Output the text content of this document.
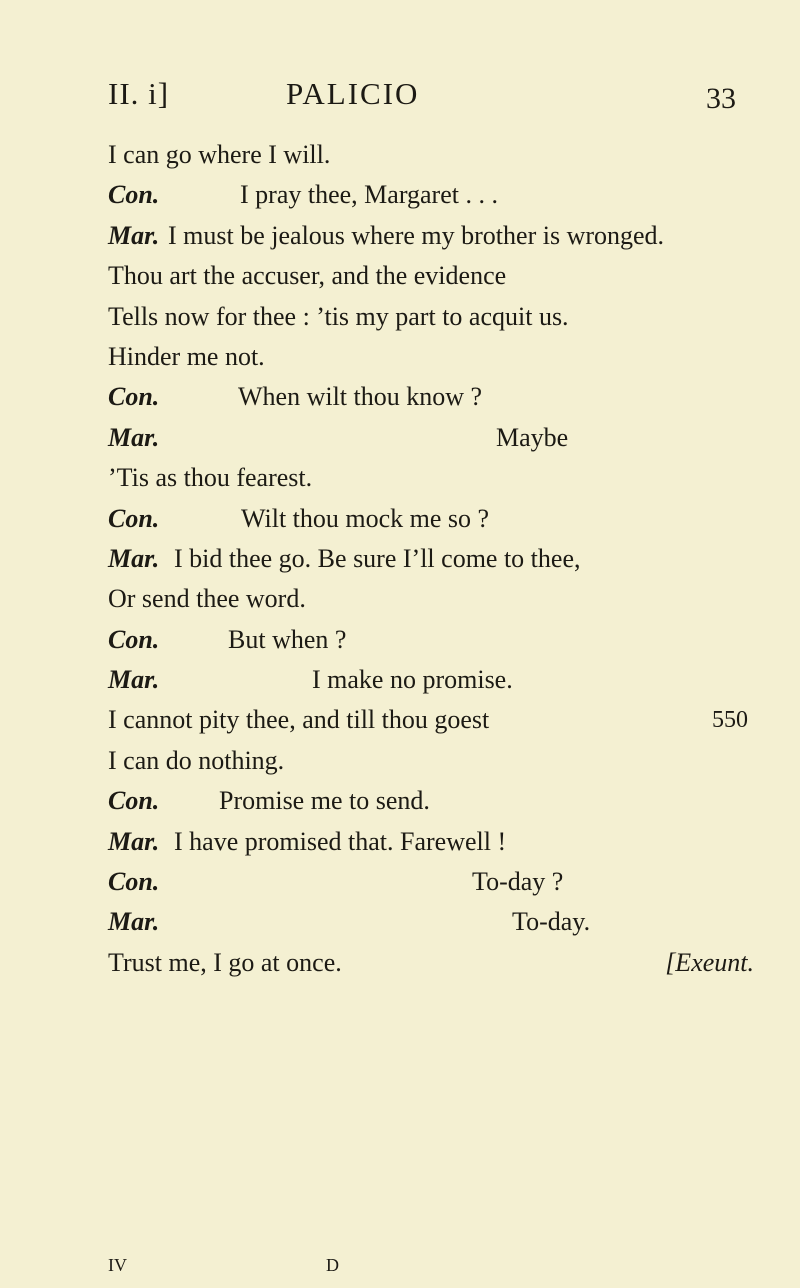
II. i]	PALICIO	33
I can go where I will.
Con.	I pray thee, Margaret . . .
Mar. I must be jealous where my brother is wronged.
Thou art the accuser, and the evidence
Tells now for thee : ’tis my part to acquit us.
Hinder me not.
Con.	When wilt thou know ?
Mar.	Maybe
’Tis as thou fearest.
Con.	Wilt thou mock me so ?
Mar. I bid thee go. Be sure I’ll come to thee,
Or send thee word.
Con.	But when ?
Mar.	I make no promise.
I cannot pity thee, and till thou goest	550
I can do nothing.
Con. Promise me to send.
Mar. I have promised that. Farewell !
Con.	To-day ?
Mar.	To-day.
Trust me, I go at once.	[Exeunt.
IV	D
